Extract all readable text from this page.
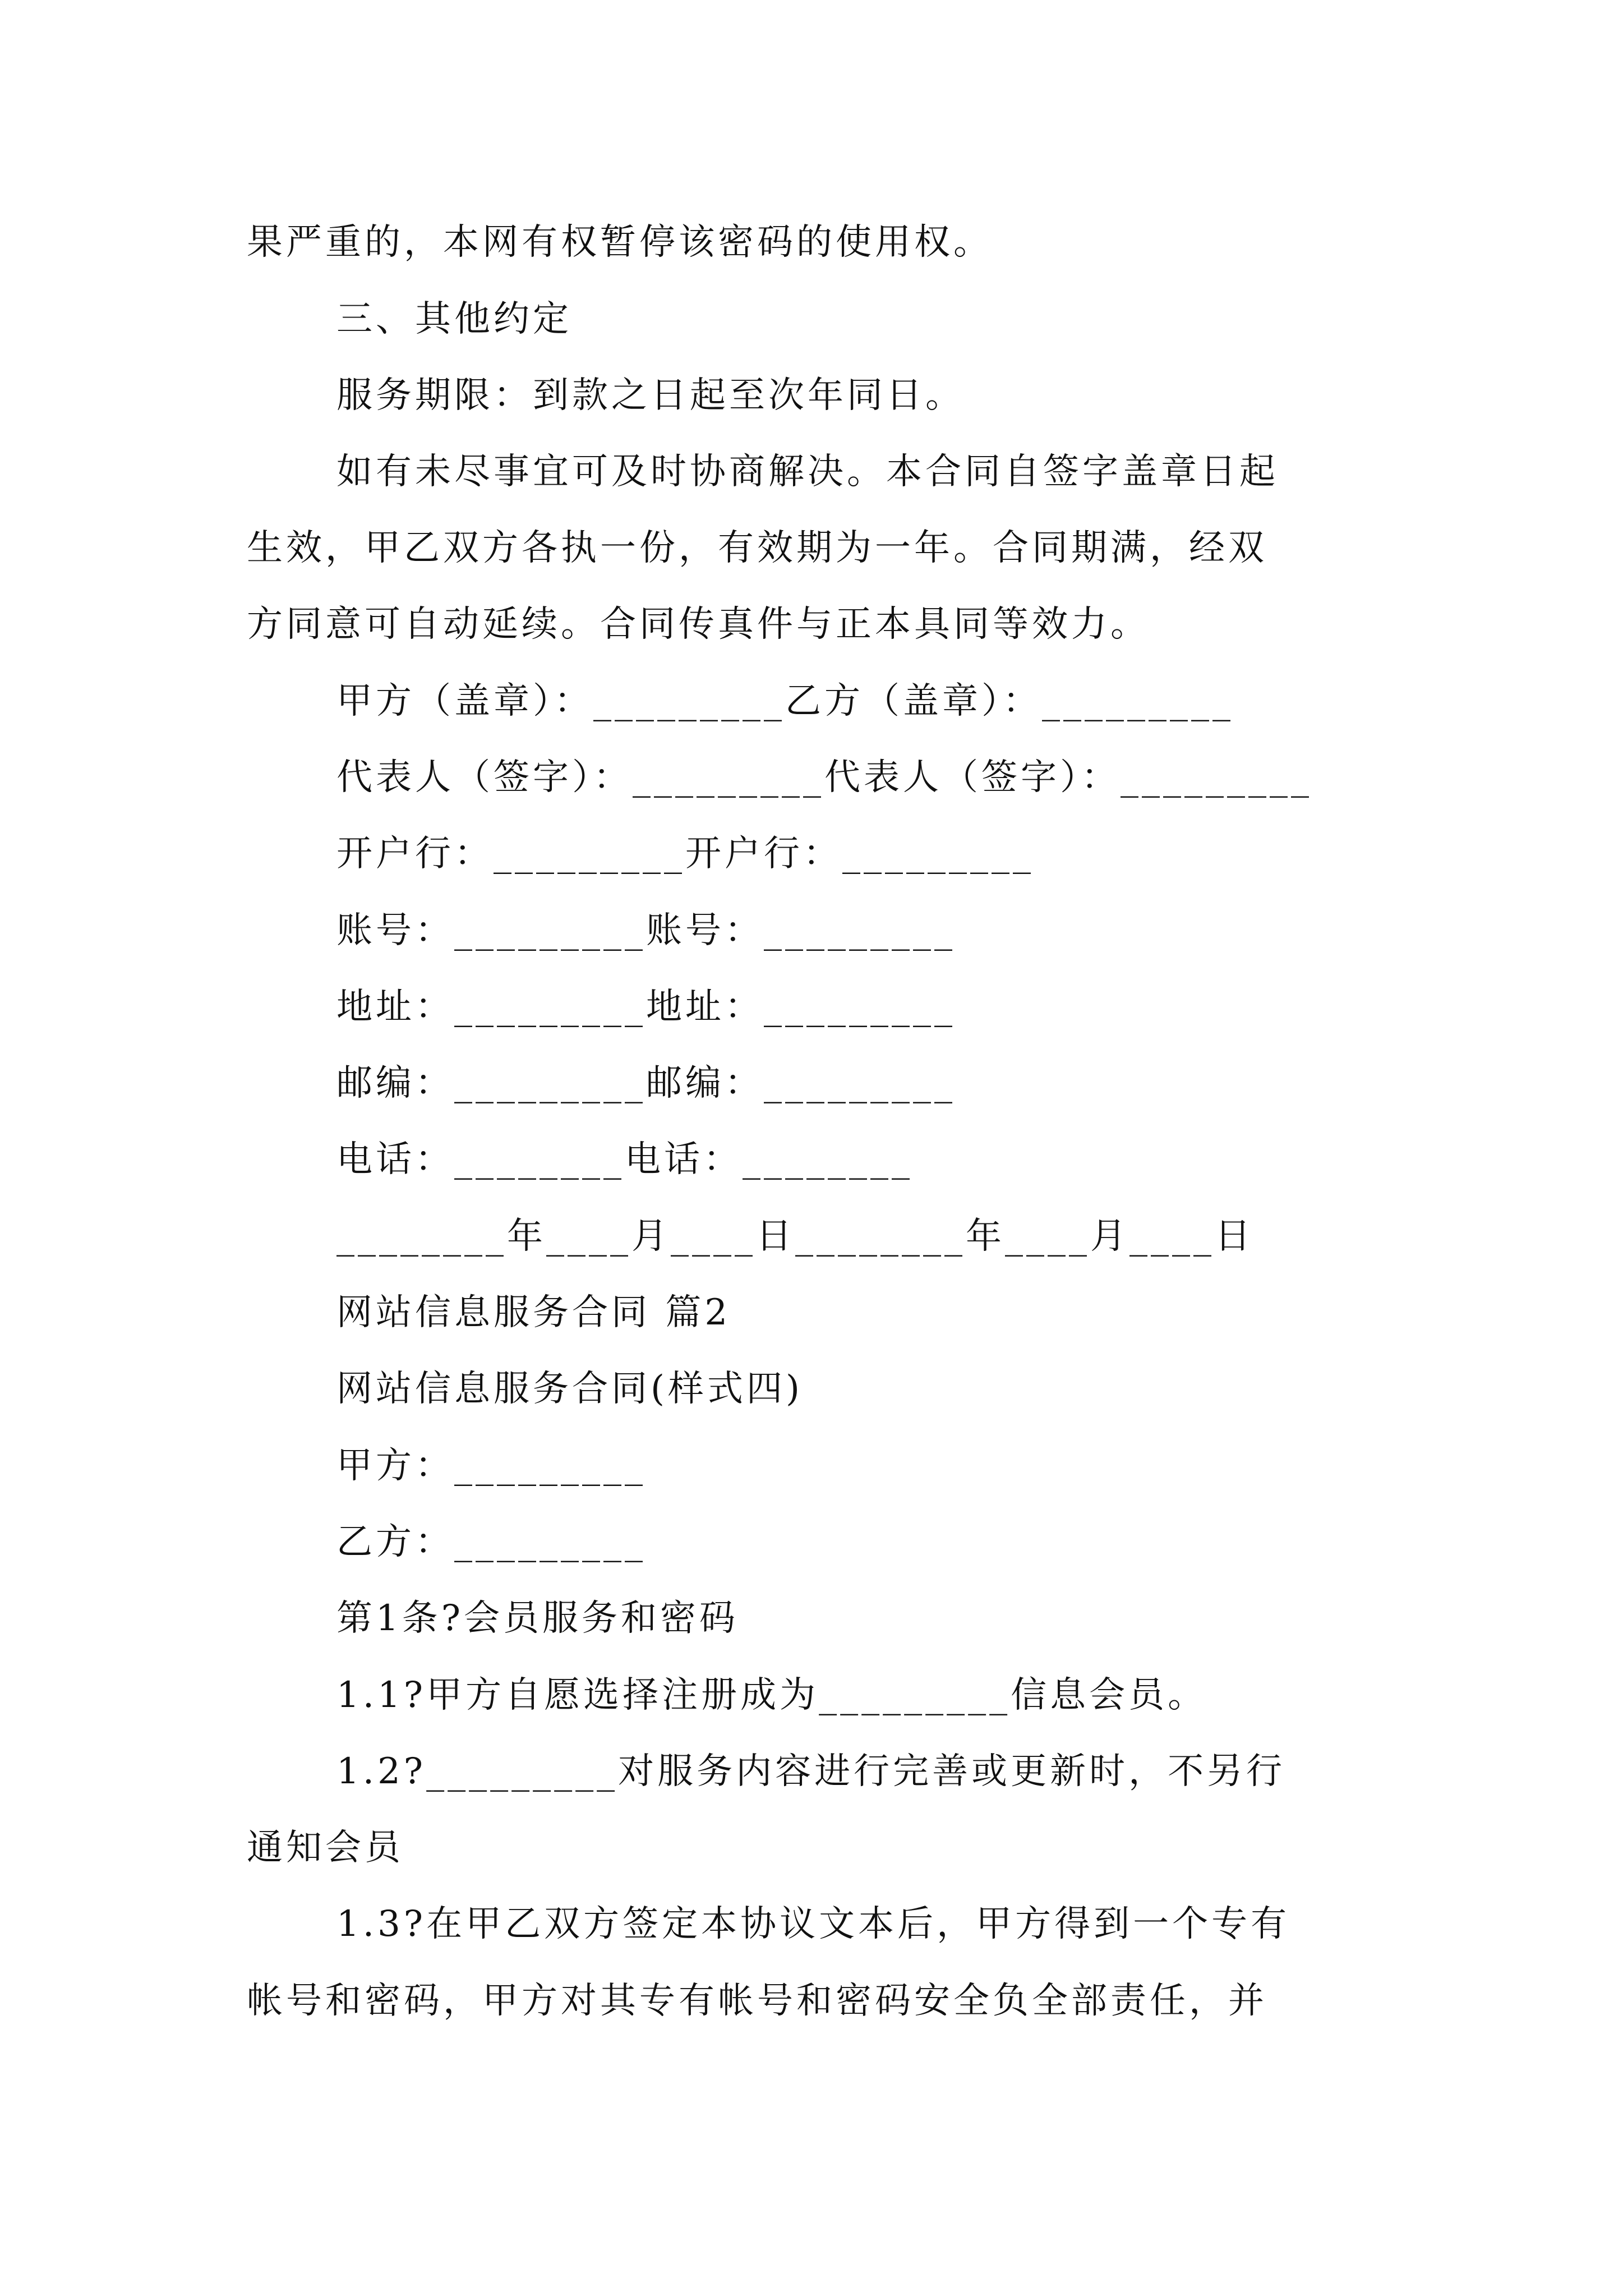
果严重的，本网有权暂停该密码的使用权。
三、其他约定
服务期限：到款之日起至次年同日。
如有未尽事宜可及时协商解决。本合同自签字盖章日起
生效，甲乙双方各执一份，有效期为一年。合同期满，经双
方同意可自动延续。合同传真件与正本具同等效力。
甲方（盖章）：_________乙方（盖章）：_________
代表人（签字）：_________代表人（签字）：_________
开户行：_________开户行：_________
账号：_________账号：_________
地址：_________地址：_________
邮编：_________邮编：_________
电话：________电话：________
________年____月____日________年____月____日
网站信息服务合同 篇2
网站信息服务合同(样式四)
甲方：_________
乙方：_________
第1条?会员服务和密码
1.1?甲方自愿选择注册成为_________信息会员。
1.2?_________对服务内容进行完善或更新时，不另行
通知会员
1.3?在甲乙双方签定本协议文本后，甲方得到一个专有
帐号和密码，甲方对其专有帐号和密码安全负全部责任，并
